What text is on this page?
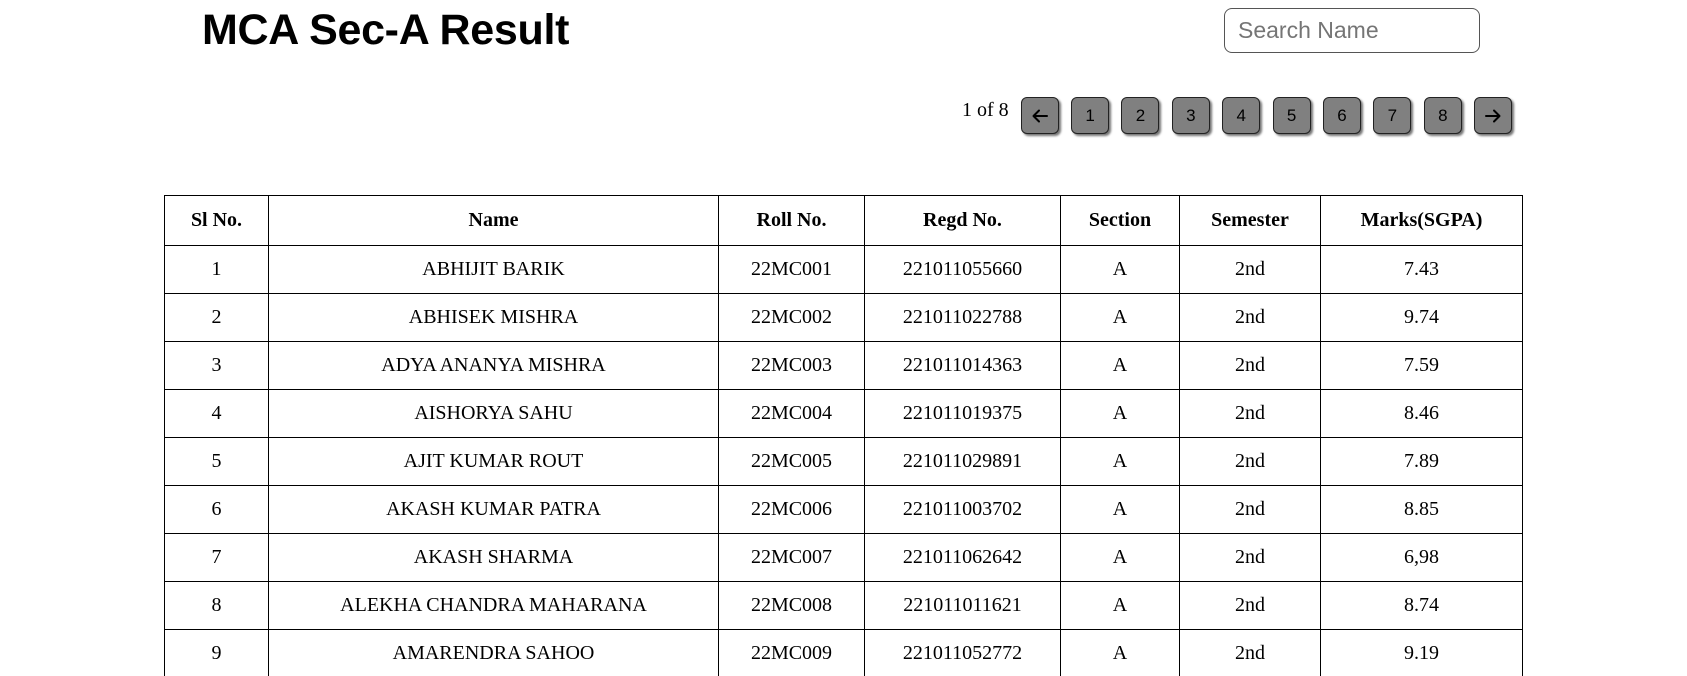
MCA Sec-A Result
Search Name
1 of 8	1	2	3	4	5	6	7	8
Sl No.	Name	Roll No.	Regd No.	Section	Semester	Marks(SGPA)
1	ABHIJIT BARIK	22MC001	221011055660	A	2nd	7.43
2	ABHISEK MISHRA	22MC002	221011022788	A	2nd	9.74
3	ADYA ANANYA MISHRA	22MC003	221011014363	A	2nd	7.59
4	AISHORYA SAHU	22MC004	221011019375	A	2nd	8.46
5	AJIT KUMAR ROUT	22MC005	221011029891	A	2nd	7.89
6	AKASH KUMAR PATRA	22MC006	221011003702	A	2nd	8.85
7	AKASH SHARMA	22MC007	221011062642	A	2nd	6,98
8	ALEKHA CHANDRA MAHARANA	22MC008	221011011621	A	2nd	8.74
9	AMARENDRA SAHOO	22MC009	221011052772	A	2nd	9.19
